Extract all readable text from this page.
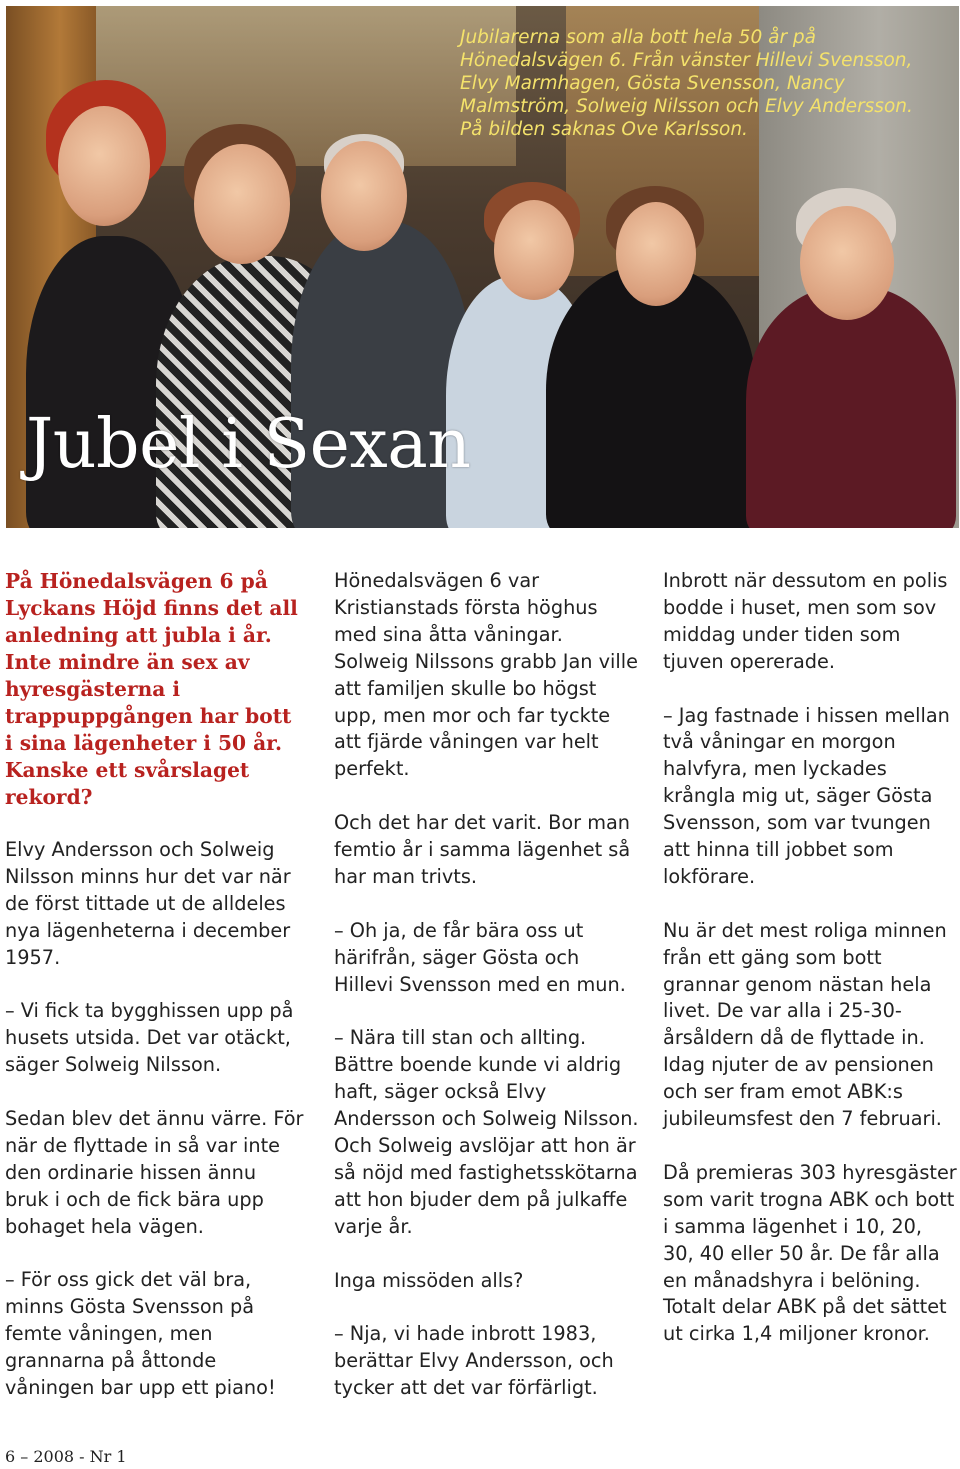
Jubilarerna som alla bott hela 50 år på Hönedalsvägen 6. Från vänster Hillevi Svensson, Elvy Marmhagen, Gösta Svensson, Nancy Malmström, Solweig Nilsson och Elvy Andersson. På bilden saknas Ove Karlsson.
Jubel i Sexan

På Hönedalsvägen 6 på Lyckans Höjd finns det all anledning att jubla i år. Inte mindre än sex av hyresgästerna i trappuppgången har bott i sina lägenheter i 50 år. Kanske ett svårslaget rekord?

Elvy Andersson och Solweig Nilsson minns hur det var när de först tittade ut de alldeles nya lägenheterna i december 1957.

– Vi fick ta bygghissen upp på husets utsida. Det var otäckt, säger Solweig Nilsson.

Sedan blev det ännu värre. För när de flyttade in så var inte den ordinarie hissen ännu bruk i och de fick bära upp bohaget hela vägen.

– För oss gick det väl bra, minns Gösta Svensson på femte våningen, men grannarna på åttonde våningen bar upp ett piano!

Hönedalsvägen 6 var Kristianstads första höghus med sina åtta våningar. Solweig Nilssons grabb Jan ville att familjen skulle bo högst upp, men mor och far tyckte att fjärde våningen var helt perfekt.

Och det har det varit. Bor man femtio år i samma lägenhet så har man trivts.

– Oh ja, de får bära oss ut härifrån, säger Gösta och Hillevi Svensson med en mun.

– Nära till stan och allting. Bättre boende kunde vi aldrig haft, säger också Elvy Andersson och Solweig Nilsson. Och Solweig avslöjar att hon är så nöjd med fastighetsskötarna att hon bjuder dem på julkaffe varje år.

Inga missöden alls?

– Nja, vi hade inbrott 1983, berättar Elvy Andersson, och tycker att det var förfärligt.

Inbrott när dessutom en polis bodde i huset, men som sov middag under tiden som tjuven opererade.

– Jag fastnade i hissen mellan två våningar en morgon halvfyra, men lyckades krångla mig ut, säger Gösta Svensson, som var tvungen att hinna till jobbet som lokförare.

Nu är det mest roliga minnen från ett gäng som bott grannar genom nästan hela livet. De var alla i 25-30-årsåldern då de flyttade in. Idag njuter de av pensionen och ser fram emot ABK:s jubileumsfest den 7 februari.

Då premieras 303 hyresgäster som varit trogna ABK och bott i samma lägenhet i 10, 20, 30, 40 eller 50 år. De får alla en månadshyra i belöning. Totalt delar ABK på det sättet ut cirka 1,4 miljoner kronor.

6 – 2008 - Nr 1
